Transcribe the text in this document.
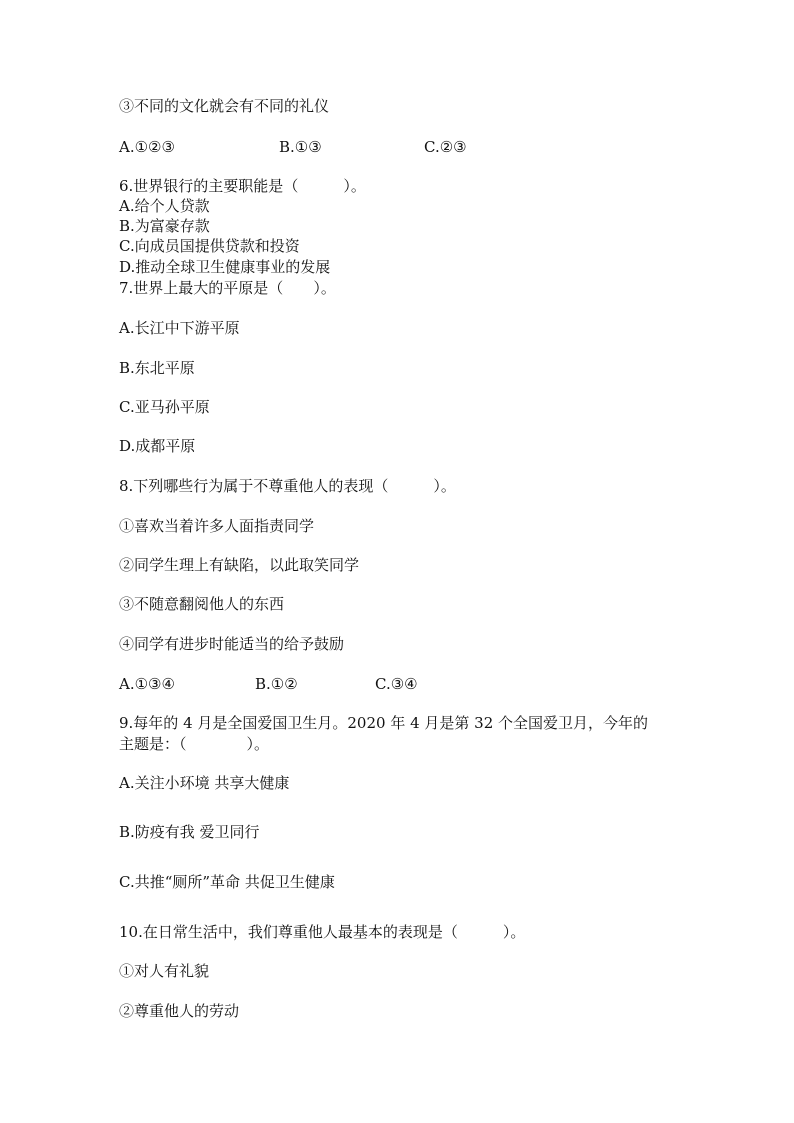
③不同的文化就会有不同的礼仪
A.①②③	B.①③	C.②③
6.世界银行的主要职能是（　　　）。
A.给个人贷款
B.为富豪存款
C.向成员国提供贷款和投资
D.推动全球卫生健康事业的发展
7.世界上最大的平原是（　　）。
A.长江中下游平原
B.东北平原
C.亚马孙平原
D.成都平原
8.下列哪些行为属于不尊重他人的表现（　　　）。
①喜欢当着许多人面指责同学
②同学生理上有缺陷，以此取笑同学
③不随意翻阅他人的东西
④同学有进步时能适当的给予鼓励
A.①③④	B.①②	C.③④
9.每年的 4 月是全国爱国卫生月。2020 年 4 月是第 32 个全国爱卫月，今年的
主题是：（　　　　）。
A.关注小环境 共享大健康
B.防疫有我 爱卫同行
C.共推“厕所”革命 共促卫生健康
10.在日常生活中，我们尊重他人最基本的表现是（　　　）。
①对人有礼貌
②尊重他人的劳动
